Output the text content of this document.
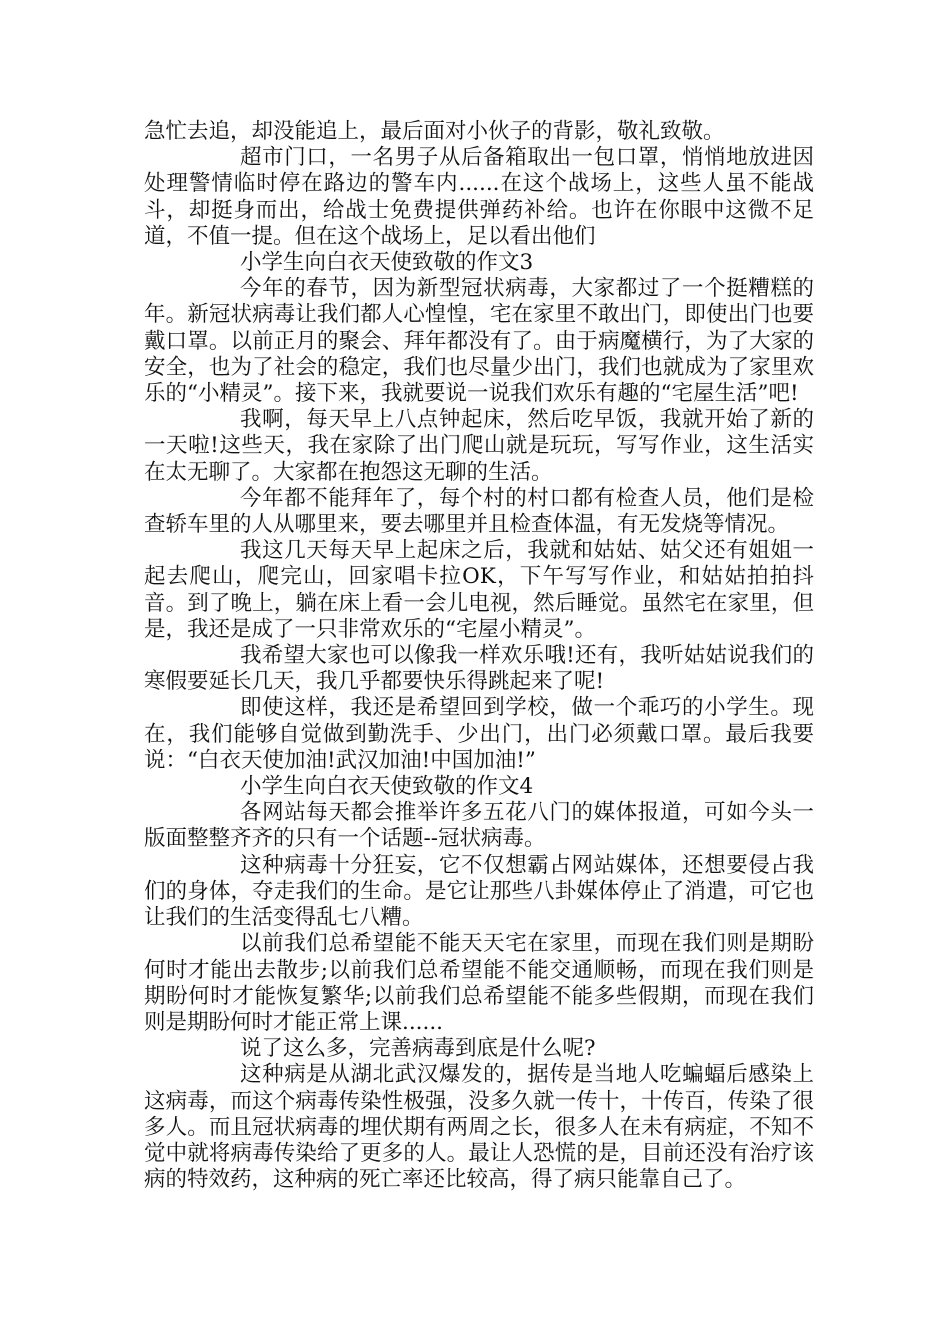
急忙去追，却没能追上，最后面对小伙子的背影，敬礼致敬。

超市门口，一名男子从后备箱取出一包口罩，悄悄地放进因处理警情临时停在路边的警车内......在这个战场上，这些人虽不能战斗，却挺身而出，给战士免费提供弹药补给。也许在你眼中这微不足道，不值一提。但在这个战场上，足以看出他们

小学生向白衣天使致敬的作文3

今年的春节，因为新型冠状病毒，大家都过了一个挺糟糕的年。新冠状病毒让我们都人心惶惶，宅在家里不敢出门，即使出门也要戴口罩。以前正月的聚会、拜年都没有了。由于病魔横行，为了大家的安全，也为了社会的稳定，我们也尽量少出门，我们也就成为了家里欢乐的“小精灵”。接下来，我就要说一说我们欢乐有趣的“宅屋生活”吧!

我啊，每天早上八点钟起床，然后吃早饭，我就开始了新的一天啦!这些天，我在家除了出门爬山就是玩玩，写写作业，这生活实在太无聊了。大家都在抱怨这无聊的生活。

今年都不能拜年了，每个村的村口都有检查人员，他们是检查轿车里的人从哪里来，要去哪里并且检查体温，有无发烧等情况。

我这几天每天早上起床之后，我就和姑姑、姑父还有姐姐一起去爬山，爬完山，回家唱卡拉OK，下午写写作业，和姑姑拍拍抖音。到了晚上，躺在床上看一会儿电视，然后睡觉。虽然宅在家里，但是，我还是成了一只非常欢乐的“宅屋小精灵”。

我希望大家也可以像我一样欢乐哦!还有，我听姑姑说我们的寒假要延长几天，我几乎都要快乐得跳起来了呢!

即使这样，我还是希望回到学校，做一个乖巧的小学生。现在，我们能够自觉做到勤洗手、少出门，出门必须戴口罩。最后我要说：“白衣天使加油!武汉加油!中国加油!”

小学生向白衣天使致敬的作文4

各网站每天都会推举许多五花八门的媒体报道，可如今头一版面整整齐齐的只有一个话题--冠状病毒。

这种病毒十分狂妄，它不仅想霸占网站媒体，还想要侵占我们的身体，夺走我们的生命。是它让那些八卦媒体停止了消遣，可它也让我们的生活变得乱七八糟。

以前我们总希望能不能天天宅在家里，而现在我们则是期盼何时才能出去散步;以前我们总希望能不能交通顺畅，而现在我们则是期盼何时才能恢复繁华;以前我们总希望能不能多些假期，而现在我们则是期盼何时才能正常上课......

说了这么多，完善病毒到底是什么呢?

这种病是从湖北武汉爆发的，据传是当地人吃蝙蝠后感染上这病毒，而这个病毒传染性极强，没多久就一传十，十传百，传染了很多人。而且冠状病毒的埋伏期有两周之长，很多人在未有病症，不知不觉中就将病毒传染给了更多的人。最让人恐慌的是，目前还没有治疗该病的特效药，这种病的死亡率还比较高，得了病只能靠自己了。
